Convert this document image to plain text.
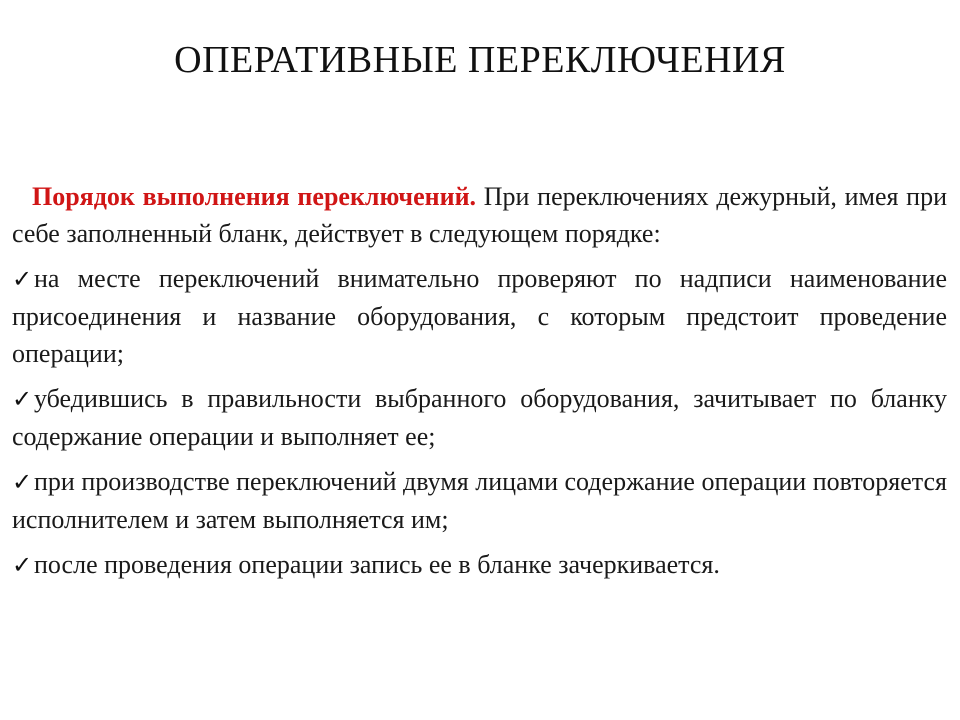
ОПЕРАТИВНЫЕ ПЕРЕКЛЮЧЕНИЯ

Порядок выполнения переключений. При переключениях дежурный, имея при себе заполненный бланк, действует в следующем порядке:

✓на месте переключений внимательно проверяют по надписи наименование присоединения и название оборудования, с которым предстоит проведение операции;

✓убедившись в правильности выбранного оборудования, зачитывает по бланку содержание операции и выполняет ее;

✓при производстве переключений двумя лицами содержание операции повторяется исполнителем и затем выполняется им;

✓после проведения операции запись ее в бланке зачеркивается.
